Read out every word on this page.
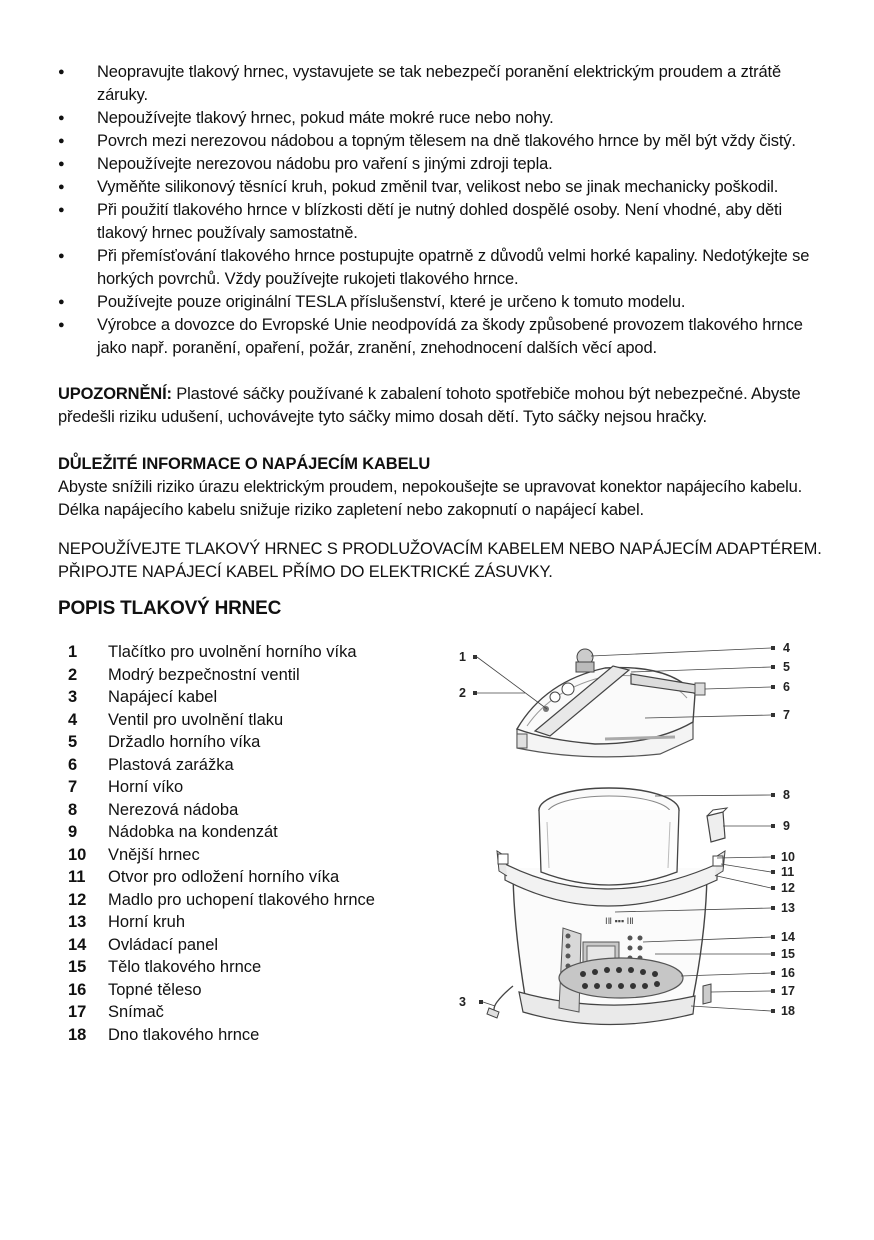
● Neopravujte tlakový hrnec, vystavujete se tak nebezpečí poranění elektrickým proudem a ztrátě záruky.
● Nepoužívejte tlakový hrnec, pokud máte mokré ruce nebo nohy.
● Povrch mezi nerezovou nádobou a topným tělesem na dně tlakového hrnce by měl být vždy čistý.
● Nepoužívejte nerezovou nádobu pro vaření s jinými zdroji tepla.
● Vyměňte silikonový těsnící kruh, pokud změnil tvar, velikost nebo se jinak mechanicky poškodil.
● Při použití tlakového hrnce v blízkosti dětí je nutný dohled dospělé osoby. Není vhodné, aby děti tlakový hrnec používaly samostatně.
● Při přemísťování tlakového hrnce postupujte opatrně z důvodů velmi horké kapaliny. Nedotýkejte se horkých povrchů. Vždy používejte rukojeti tlakového hrnce.
● Používejte pouze originální TESLA příslušenství, které je určeno k tomuto modelu.
● Výrobce a dovozce do Evropské Unie neodpovídá za škody způsobené provozem tlakového hrnce jako např. poranění, opaření, požár, zranění, znehodnocení dalších věcí apod.

UPOZORNĚNÍ: Plastové sáčky používané k zabalení tohoto spotřebiče mohou být nebezpečné. Abyste předešli riziku udušení, uchovávejte tyto sáčky mimo dosah dětí. Tyto sáčky nejsou hračky.

DŮLEŽITÉ INFORMACE O NAPÁJECÍM KABELU
Abyste snížili riziko úrazu elektrickým proudem, nepokoušejte se upravovat konektor napájecího kabelu. Délka napájecího kabelu snižuje riziko zapletení nebo zakopnutí o napájecí kabel.
NEPOUŽÍVEJTE TLAKOVÝ HRNEC S PRODLUŽOVACÍM KABELEM NEBO NAPÁJECÍM ADAPTÉREM. PŘIPOJTE NAPÁJECÍ KABEL PŘÍMO DO ELEKTRICKÉ ZÁSUVKY.
POPIS TLAKOVÝ HRNEC
1	Tlačítko pro uvolnění horního víka
2	Modrý bezpečnostní ventil
3	Napájecí kabel
4	Ventil pro uvolnění tlaku
5	Držadlo horního víka
6	Plastová zarážka
7	Horní víko
8	Nerezová nádoba
9	Nádobka na kondenzát
10	Vnější hrnec
11	Otvor pro odložení horního víka
12	Madlo pro uchopení tlakového hrnce
13	Horní kruh
14	Ovládací panel
15	Tělo tlakového hrnce
16	Topné těleso
17	Snímač
18	Dno tlakového hrnce
ⅠⅡ ▪▪▪ ⅠⅡ
1
2
3
4
5
6
7
8
9
10
11
12
13
14
15
16
17
18
